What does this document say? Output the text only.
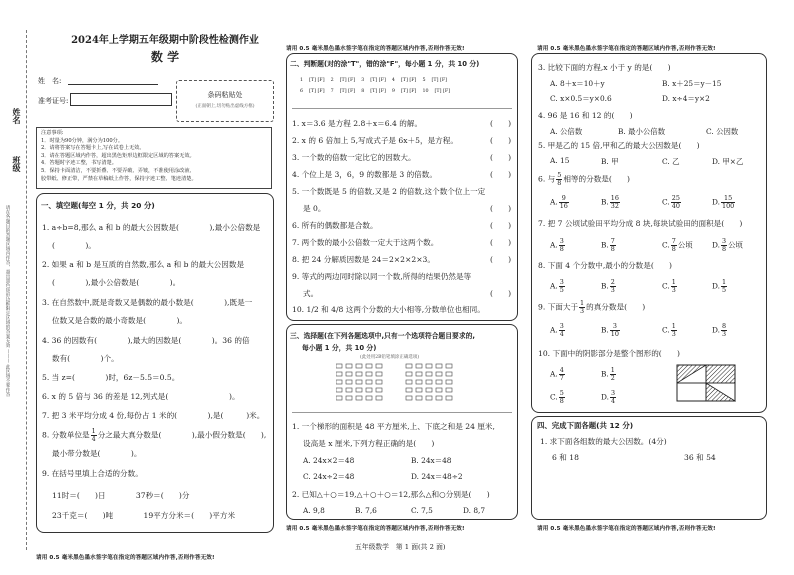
2024年上学期五年级期中阶段性检测作业
数 学
姓　名:
准考证号:
条码粘贴处
(正面朝上,切勿贴出虚线方框)
注意事项:
1．时量为90分钟，满分为100分。
2．请将答案写在答题卡上,写在试卷上无效。
3．请在答题区域内作答，超出黑色矩形边框限定区域的答案无效。
4．答题时字迹工整，书写清楚。
5．保持卡面清洁，不要折叠、不要弄破、弄皱，不准使用涂改液、
胶带纸、修正带，严禁在草稿纸上作答，保持字迹工整、笔迹清楚。
姓名
班级
请在各题目的答题区域内作答，超出黑色矩形边框限定区域的答案无效 ——— 此区域不要作答	一、填空题(每空 1 分，共 20 分)
1. a÷b=8,那么 a 和 b 的最大公因数是(　　　　),最小公倍数是
(　　　　)。
2. 如果 a 和 b 是互质的自然数,那么 a 和 b 的最大公因数是
(　　　　),最小公倍数是(　　　　)。
3. 在自然数中,既是奇数又是偶数的最小数是(　　　　),既是一
位数又是合数的最小奇数是(　　　　)。
4. 36 的因数有(　　　　),最大的因数是(　　　　)。36 的倍
数有(　　　　)个。
5. 当 z=(　　　　)时，6z－5.5＝0.5。
6. x 的 5 倍与 36 的差是 12,列式是(　　　　　　　　)。
7. 把 3 米平均分成 4 份,每份占 1 米的(　　　　),是(　　　)米。
8. 分数单位是 $\frac{1}{4}$ 分之最大真分数是(　　　　),最小假分数是(　　),
最小带分数是(　　　　)。
9. 在括号里填上合适的分数。
11时＝(　　)日　　　　37秒＝(　　)分
23千克＝(　　)吨　　　　19平方分米＝(　　)平方米
请用 0.5 毫米黑色墨水签字笔在指定的答题区域内作答,否则作答无效!
请用 0.5 毫米黑色墨水签字笔在指定的答题区域内作答,否则作答无效!
二、判断题(对的涂"T"，错的涂"F"，每小题 1 分，共 10 分)
1 [T] [F] 2 [T] [F] 3 [T] [F] 4 [T] [F] 5 [T] [F]
6 [T] [F] 7 [T] [F] 8 [T] [F] 9 [T] [F] 10 [T] [F]
1. x＝3.6 是方程 2.8＋x＝6.4 的解。
2. x 的 6 倍加上 5,写成式子是 6x＋5，是方程。
3. 一个数的倍数一定比它的因数大。
4. 个位上是 3，6，9 的数都是 3 的倍数。
5. 一个数既是 5 的倍数,又是 2 的倍数,这个数个位上一定
是 0。
6. 所有的偶数都是合数。
7. 两个数的最小公倍数一定大于这两个数。
8. 把 24 分解质因数是 24＝2×2×2×3。
9. 等式的两边同时除以同一个数,所得的结果仍然是等
式。
10. 1/2 和 4/8 这两个分数的大小相等,分数单位也相同。
(　　)
(　　)
(　　)
(　　)
(　　)
(　　)
(　　)
(　　)
(　　)
三、选择题(在下列各题选项中,只有一个选项符合题目要求的,
每小题 1 分，共 10 分)
(此处用2B铅笔填涂正确选项)
1. 一个梯形的面积是 48 平方厘米,上、下底之和是 24 厘米,
设高是 x 厘米,下列方程正确的是(　　)
A. 24x×2＝48	B. 24x＝48
C. 24x÷2＝48	D. 24x＝48÷2
2. 已知△＋○＝19,△＋○＋○＝12,那么△和○分别是(　　)
A. 9,8	B. 7,6	C. 7,5	D. 8,7
请用 0.5 毫米黑色墨水签字笔在指定的答题区域内作答,否则作答无效!
五年级数学　第 1 面(共 2 面)
请用 0.5 毫米黑色墨水签字笔在指定的答题区域内作答,否则作答无效!
3. 比较下面的方程,x 小于 y 的是(　　)
A. 8＋x＝10＋y	B. x＋25＝y－15
C. x×0.5＝y×0.6	D. x÷4＝y×2
4. 96 是 16 和 12 的(　　)
A. 公倍数	B. 最小公倍数	C. 公因数
5. 甲是乙的 15 倍,甲和乙的最大公因数是(　　)
A. 15	B. 甲	C. 乙	D. 甲×乙
6. 与 $\frac{5}{8}$ 相等的分数是(　　)
A. $\frac{9}{16}$	B. $\frac{16}{32}$	C. $\frac{25}{40}$	D. $\frac{15}{100}$
7. 把 7 公顷试验田平均分成 8 块,每块试验田的面积是(　　)
A. $\frac{3}{8}$	B. $\frac{7}{8}$	C. $\frac{7}{8}$ 公顷	D. $\frac{3}{8}$ 公顷
8. 下面 4 个分数中,最小的分数是(　　)
A. $\frac{3}{5}$	B. $\frac{2}{3}$	C. $\frac{1}{3}$	D. $\frac{1}{5}$
9. 下面大于 $\frac{1}{3}$ 的真分数是(　　)
A. $\frac{3}{4}$	B. $\frac{3}{10}$	C. $\frac{1}{3}$	D. $\frac{8}{3}$
10. 下面中的阴影部分是整个图形的(　　)
A. $\frac{4}{7}$	B. $\frac{1}{2}$
C. $\frac{5}{8}$	D. $\frac{3}{4}$
四、完成下面各题(共 12 分)
1. 求下面各组数的最大公因数。(4分)
6 和 18	36 和 54
请用 0.5 毫米黑色墨水签字笔在指定的答题区域内作答,否则作答无效!
